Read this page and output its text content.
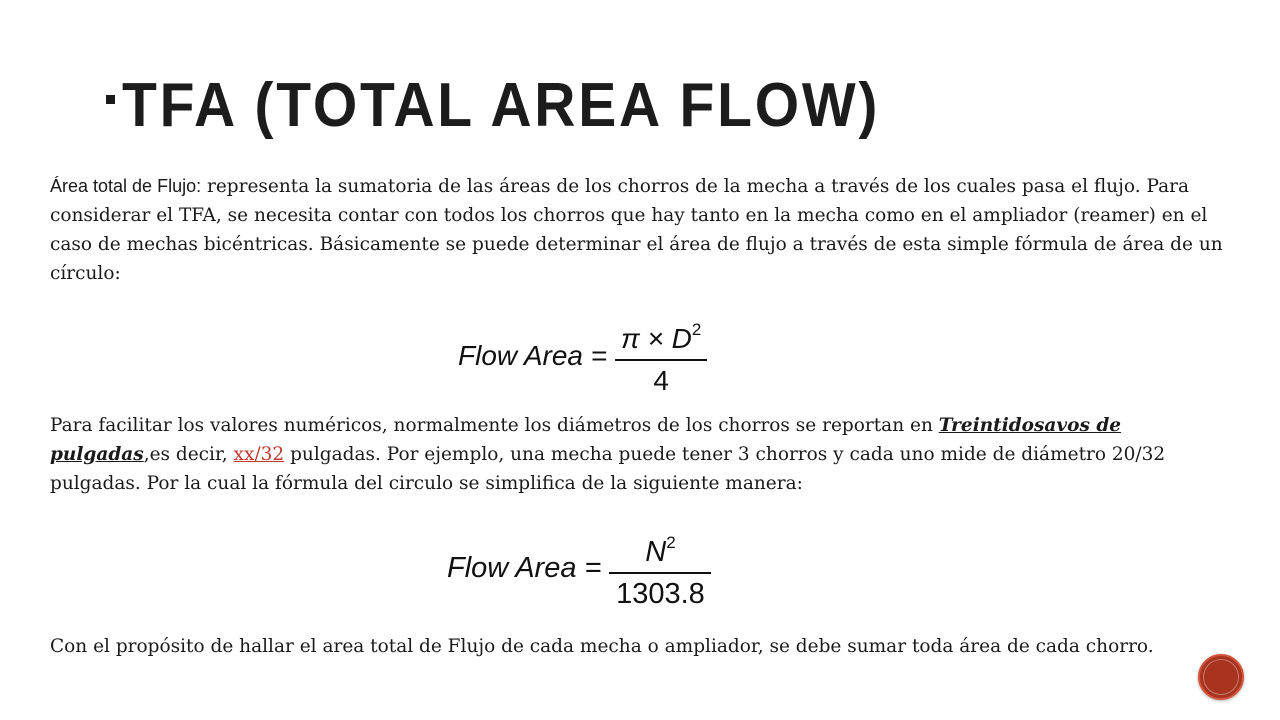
TFA (TOTAL AREA FLOW)

Área total de Flujo: representa la sumatoria de las áreas de los chorros de la mecha a través de los cuales pasa el flujo. Para considerar el TFA, se necesita contar con todos los chorros que hay tanto en la mecha como en el ampliador (reamer) en el caso de mechas bicéntricas. Básicamente se puede determinar el área de flujo a través de esta simple fórmula de área de un círculo:

Flow Area = $\frac{\pi \times D^2}{4}$

Para facilitar los valores numéricos, normalmente los diámetros de los chorros se reportan en Treintidosavos de pulgadas,es decir, xx/32 pulgadas. Por ejemplo, una mecha puede tener 3 chorros y cada uno mide de diámetro 20/32 pulgadas. Por la cual la fórmula del circulo se simplifica de la siguiente manera:

Flow Area = $\frac{N^2}{1303.8}$

Con el propósito de hallar el area total de Flujo de cada mecha o ampliador, se debe sumar toda área de cada chorro.
